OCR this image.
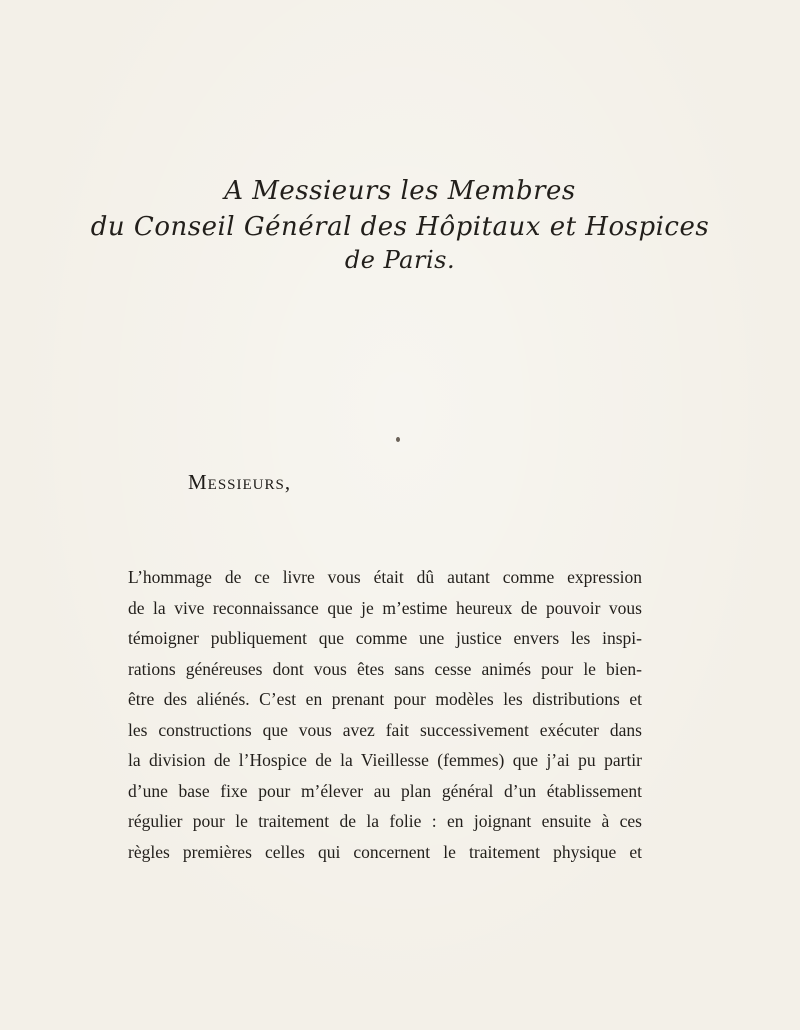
A Messieurs les Membres
du Conseil Général des Hôpitaux et Hospices
de Paris.
Messieurs,
L’hommage de ce livre vous était dû autant comme expression
de la vive reconnaissance que je m’estime heureux de pouvoir vous
témoigner publiquement que comme une justice envers les inspi-
rations généreuses dont vous êtes sans cesse animés pour le bien-
être des aliénés. C’est en prenant pour modèles les distributions et
les constructions que vous avez fait successivement exécuter dans
la division de l’Hospice de la Vieillesse (femmes) que j’ai pu partir
d’une base fixe pour m’élever au plan général d’un établissement
régulier pour le traitement de la folie : en joignant ensuite à ces
règles premières celles qui concernent le traitement physique et
